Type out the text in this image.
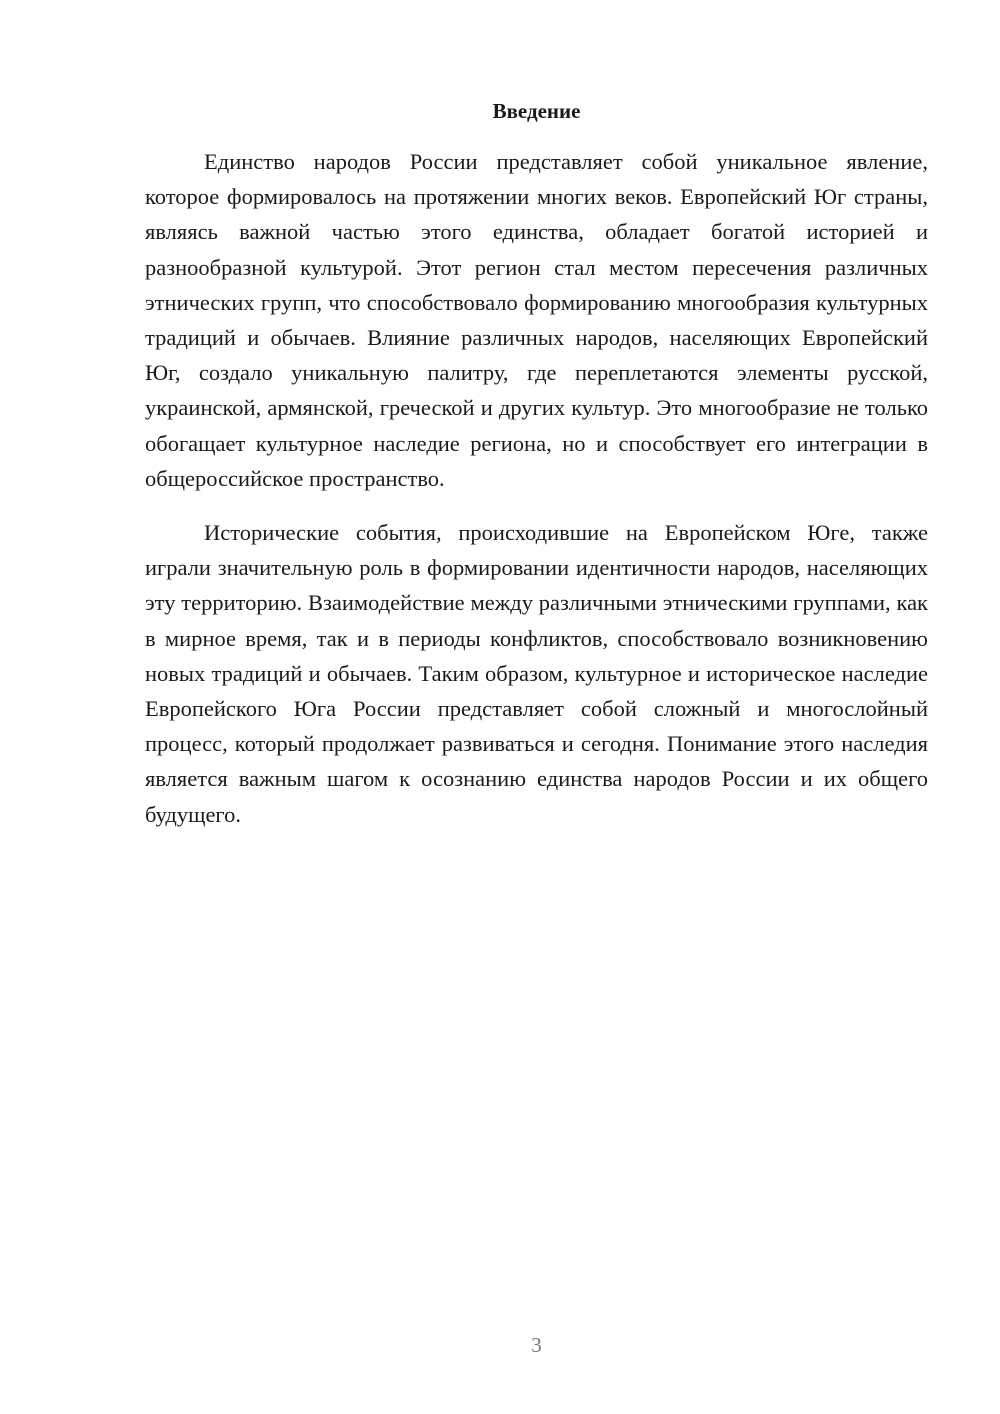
Введение

Единство народов России представляет собой уникальное явление, которое формировалось на протяжении многих веков. Европейский Юг страны, являясь важной частью этого единства, обладает богатой историей и разнообразной культурой. Этот регион стал местом пересечения различных этнических групп, что способствовало формированию многообразия культурных традиций и обычаев. Влияние различных народов, населяющих Европейский Юг, создало уникальную палитру, где переплетаются элементы русской, украинской, армянской, греческой и других культур. Это многообразие не только обогащает культурное наследие региона, но и способствует его интеграции в общероссийское пространство.

Исторические события, происходившие на Европейском Юге, также играли значительную роль в формировании идентичности народов, населяющих эту территорию. Взаимодействие между различными этническими группами, как в мирное время, так и в периоды конфликтов, способствовало возникновению новых традиций и обычаев. Таким образом, культурное и историческое наследие Европейского Юга России представляет собой сложный и многослойный процесс, который продолжает развиваться и сегодня. Понимание этого наследия является важным шагом к осознанию единства народов России и их общего будущего.

3
